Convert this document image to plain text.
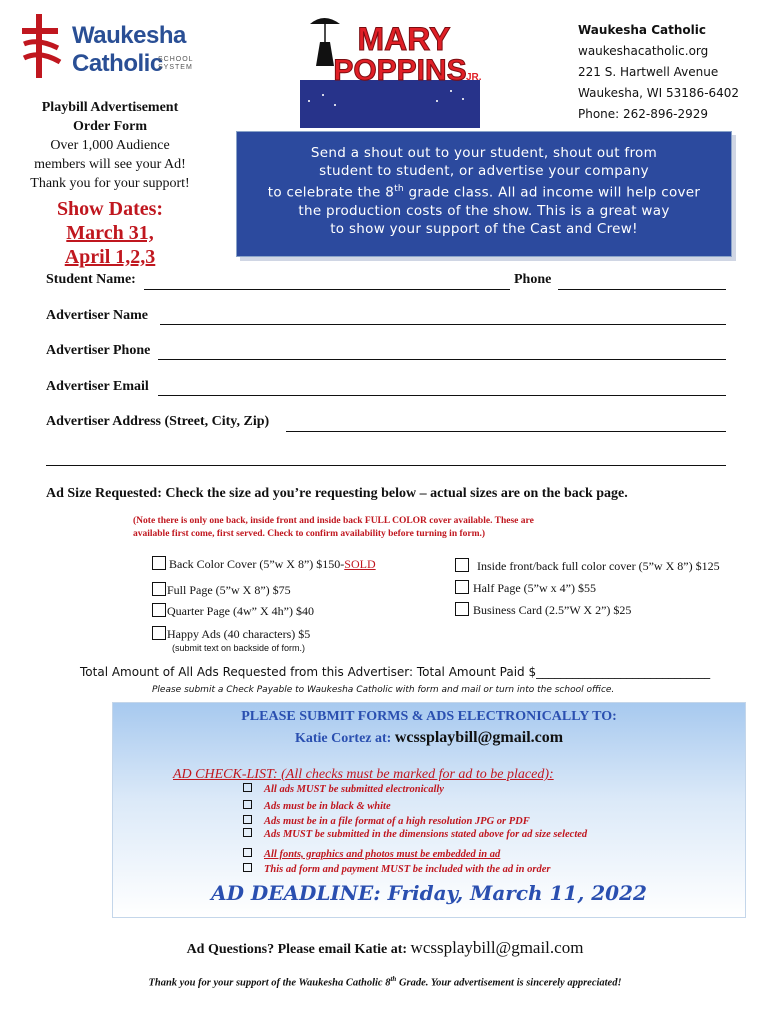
Waukesha
Catholic
SCHOOL
SYSTEM
MARY
POPPINS JR.
Waukesha Catholic
waukeshacatholic.org
221 S. Hartwell Avenue
Waukesha, WI 53186-6402
Phone: 262-896-2929
Playbill Advertisement
Order Form
Over 1,000 Audience
members will see your Ad!
Thank you for your support!
Show Dates:
March 31,
April 1,2,3

Send a shout out to your student, shout out from
student to student, or advertise your company
to celebrate the 8th grade class. All ad income will help cover
the production costs of the show. This is a great way
to show your support of the Cast and Crew!

Student Name:	Phone
Advertiser Name
Advertiser Phone
Advertiser Email
Advertiser Address (Street, City, Zip)
Ad Size Requested: Check the size ad you’re requesting below – actual sizes are on the back page.
(Note there is only one back, inside front and inside back FULL COLOR cover available. These are
available first come, first served. Check to confirm availability before turning in form.)
Back Color Cover (5”w X 8”) $150-SOLD	Inside front/back full color cover (5”w X 8”) $125
Full Page (5”w X 8”) $75	Half Page (5”w x 4”) $55
Quarter Page (4w” X 4h”) $40	Business Card (2.5”W X 2”) $25
Happy Ads (40 characters) $5
(submit text on backside of form.)
Total Amount of All Ads Requested from this Advertiser: Total Amount Paid $_____________________________
Please submit a Check Payable to Waukesha Catholic with form and mail or turn into the school office.
PLEASE SUBMIT FORMS & ADS ELECTRONICALLY TO:
Katie Cortez at: wcssplaybill@gmail.com
AD CHECK-LIST: (All checks must be marked for ad to be placed):
All ads MUST be submitted electronically
Ads must be in black & white
Ads must be in a file format of a high resolution JPG or PDF
Ads MUST be submitted in the dimensions stated above for ad size selected
All fonts, graphics and photos must be embedded in ad
This ad form and payment MUST be included with the ad in order
AD DEADLINE: Friday, March 11, 2022
Ad Questions? Please email Katie at: wcssplaybill@gmail.com
Thank you for your support of the Waukesha Catholic 8th Grade. Your advertisement is sincerely appreciated!
